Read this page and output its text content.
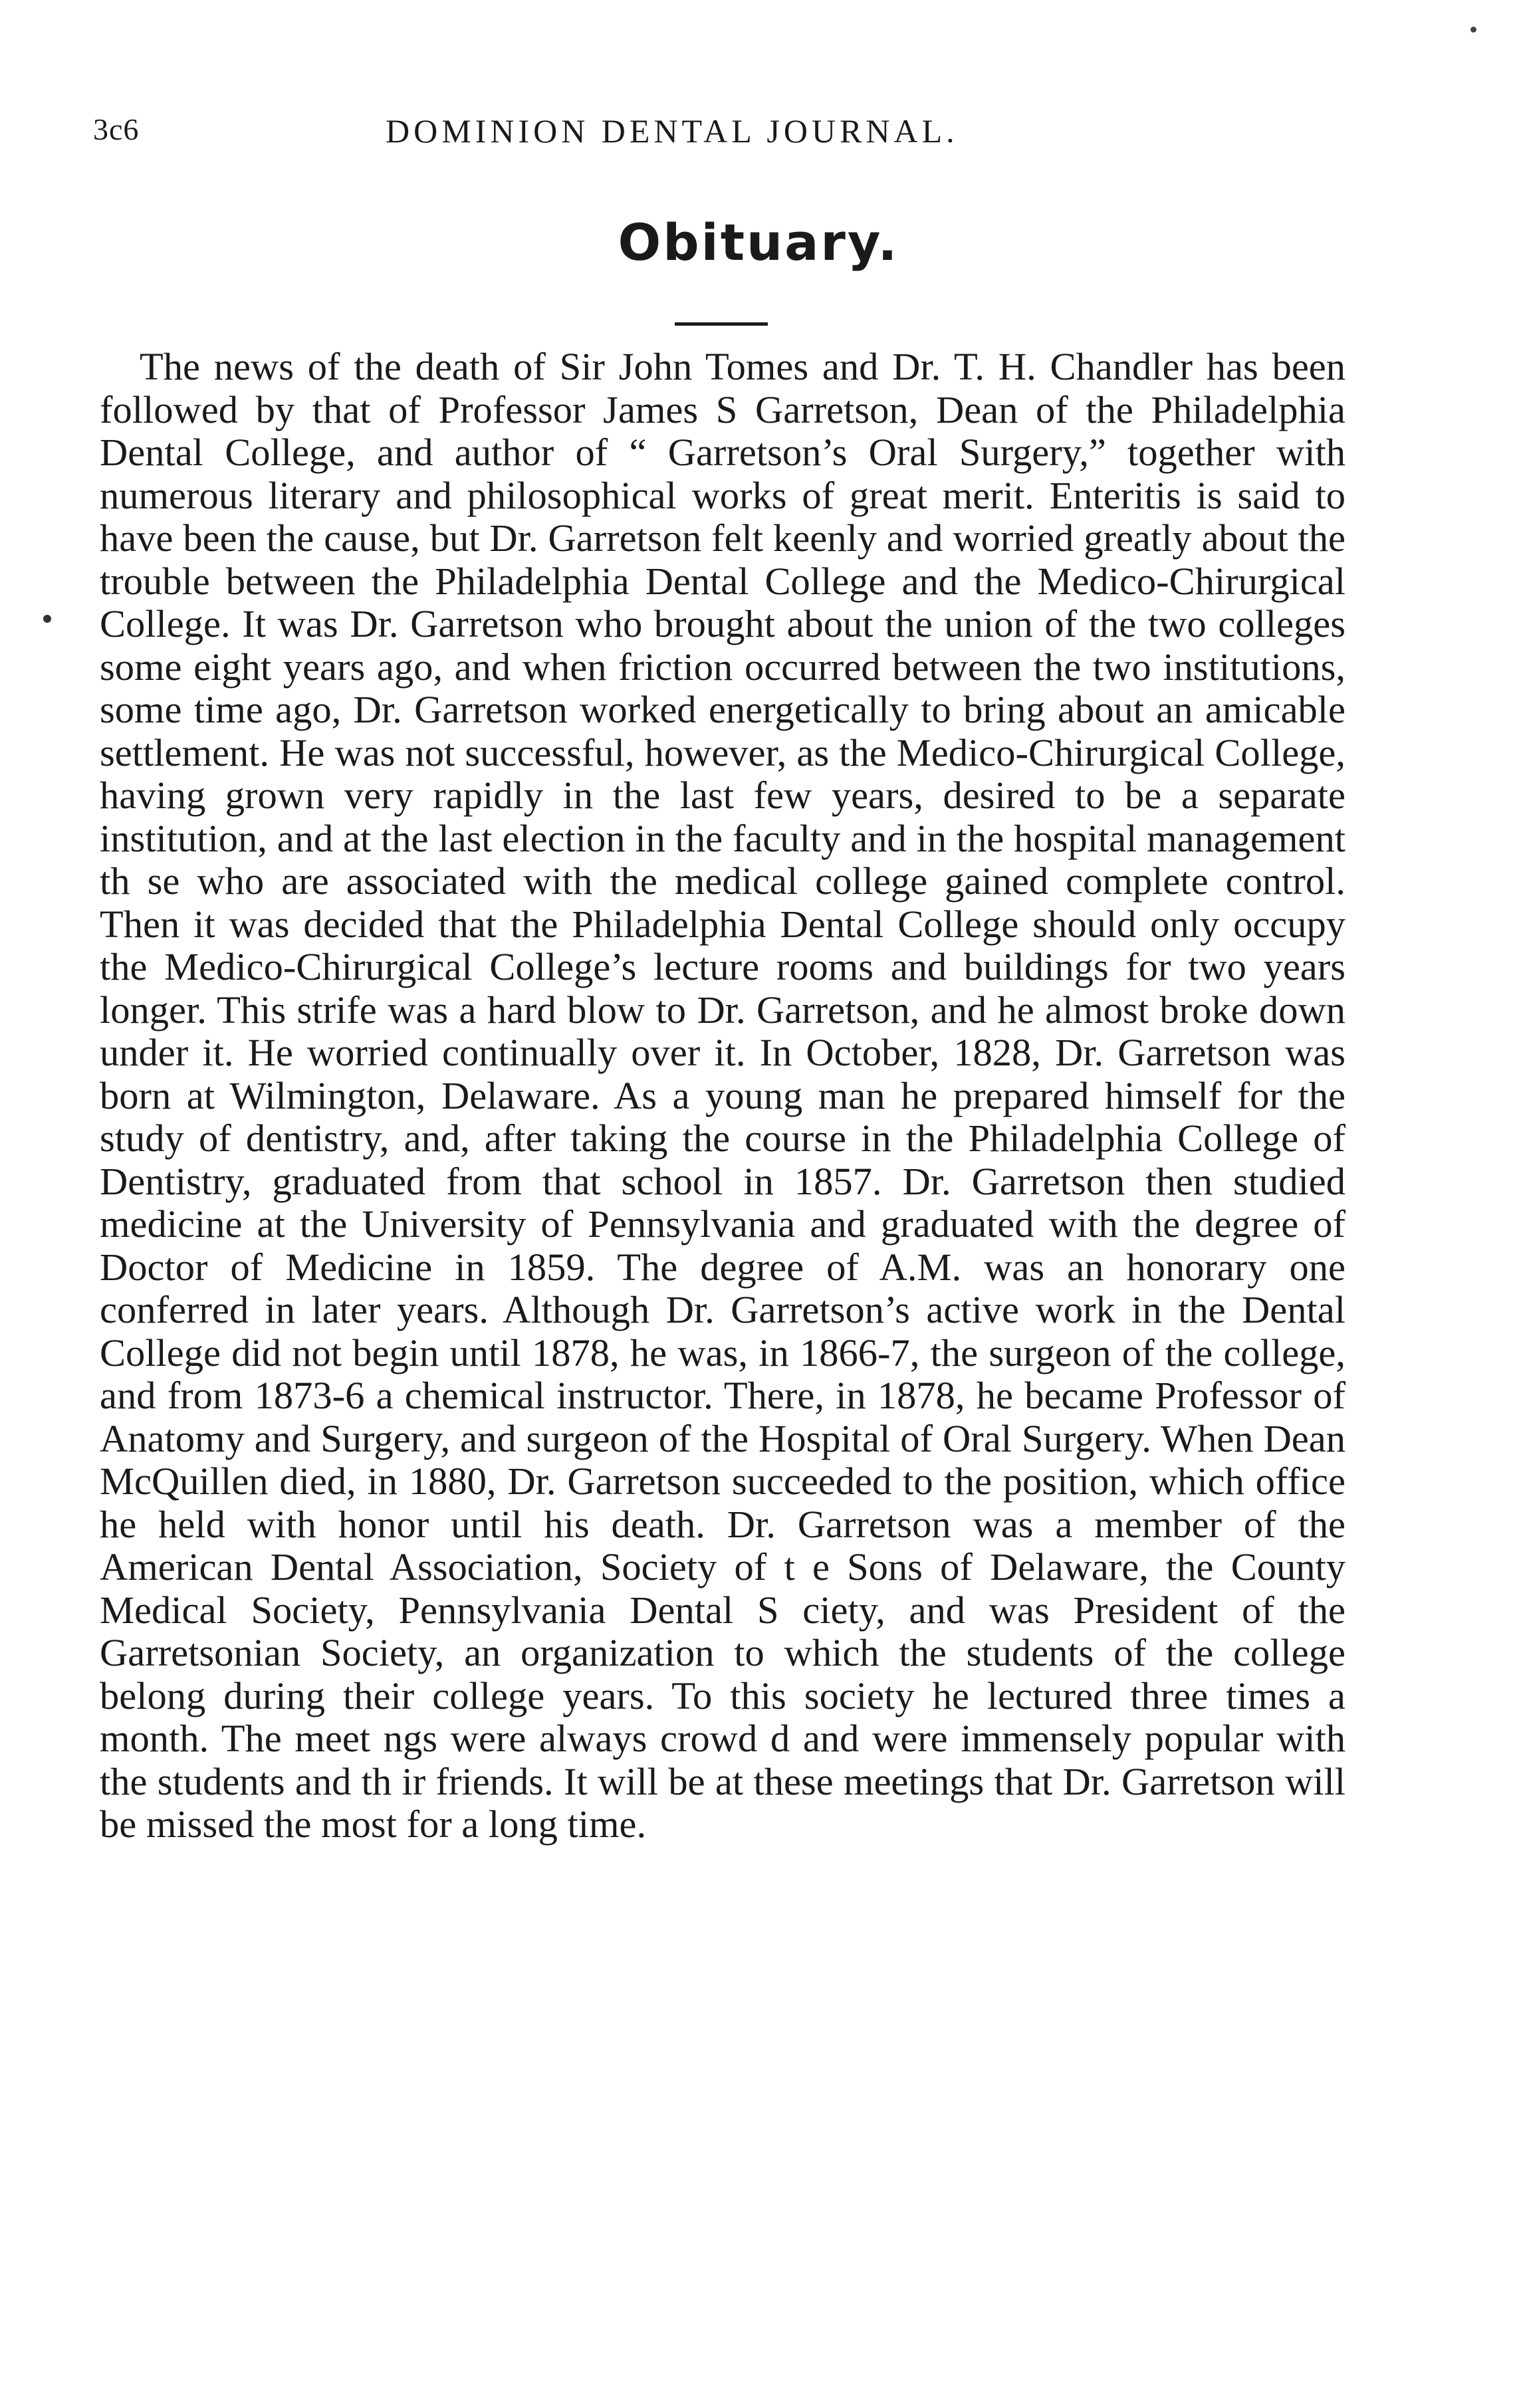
3c6	DOMINION DENTAL JOURNAL.
Obituary.

The news of the death of Sir John Tomes and Dr. T. H. Chandler has been followed by that of Professor James S Garretson, Dean of the Philadelphia Dental College, and author of “ Garretson’s Oral Surgery,” together with numerous literary and philosophical works of great merit. Enteritis is said to have been the cause, but Dr. Garretson felt keenly and worried greatly about the trouble between the Philadelphia Dental College and the Medico-Chirurgical College. It was Dr. Garretson who brought about the union of the two colleges some eight years ago, and when friction occurred between the two institutions, some time ago, Dr. Garretson worked energetically to bring about an amicable settlement. He was not successful, however, as the Medico-Chirurgical College, having grown very rapidly in the last few years, desired to be a separate institution, and at the last election in the faculty and in the hospital management th se who are associated with the medical college gained complete control. Then it was decided that the Philadelphia Dental College should only occupy the Medico-Chirurgical College’s lecture rooms and buildings for two years longer. This strife was a hard blow to Dr. Garretson, and he almost broke down under it. He worried continually over it. In October, 1828, Dr. Garretson was born at Wilmington, Delaware. As a young man he prepared himself for the study of dentistry, and, after taking the course in the Philadelphia College of Dentistry, graduated from that school in 1857. Dr. Garretson then studied medicine at the University of Pennsylvania and graduated with the degree of Doctor of Medicine in 1859. The degree of A.M. was an honorary one conferred in later years. Although Dr. Garretson’s active work in the Dental College did not begin until 1878, he was, in 1866-7, the surgeon of the college, and from 1873-6 a chemical instructor. There, in 1878, he became Professor of Anatomy and Surgery, and surgeon of the Hospital of Oral Surgery. When Dean McQuillen died, in 1880, Dr. Garretson succeeded to the position, which office he held with honor until his death. Dr. Garretson was a member of the American Dental Association, Society of t e Sons of Delaware, the County Medical Society, Pennsylvania Dental S ciety, and was President of the Garretsonian Society, an organization to which the students of the college belong during their college years. To this society he lectured three times a month. The meet ngs were always crowd d and were immensely popular with the students and th ir friends. It will be at these meetings that Dr. Garretson will be missed the most for a long time.
